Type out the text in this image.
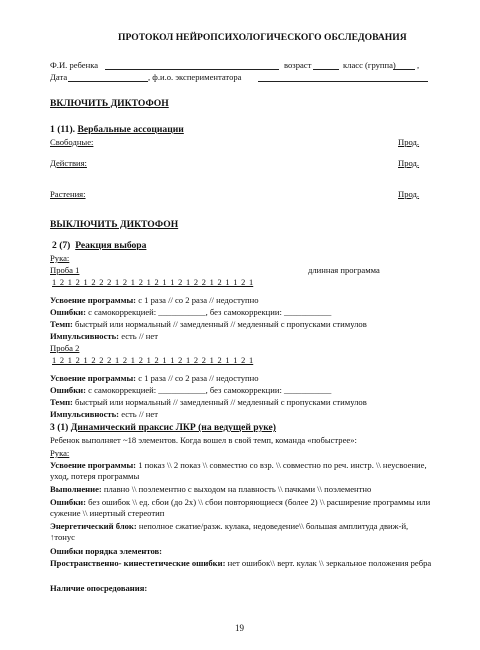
ПРОТОКОЛ НЕЙРОПСИХОЛОГИЧЕСКОГО ОБСЛЕДОВАНИЯ
Ф.И. ребенка	возраст	класс (группа) ,
Дата	, ф.и.о. экспериментатора
ВКЛЮЧИТЬ ДИКТОФОН
1 (11). Вербальные ассоциации
Свободные:	Прод.
Действия:	Прод.
Растения:	Прод.
ВЫКЛЮЧИТЬ ДИКТОФОН
2 (7) Реакция выбора
Рука:
Проба 1	длинная программа
1 2 1 2 1 2 2 2 1 2 1 2 1 2 1 1 2 1 2 2 1 2 1 1 2 1
Усвоение программы: с 1 раза // со 2 раза // недоступно
Ошибки: с самокоррекцией: ___________, без самокоррекции: ___________
Темп: быстрый или нормальный // замедленный // медленный с пропусками стимулов
Импульсивность: есть // нет
Проба 2
1 2 1 2 1 2 2 2 1 2 1 2 1 2 1 1 2 1 2 2 1 2 1 1 2 1
Усвоение программы: с 1 раза // со 2 раза // недоступно
Ошибки: с самокоррекцией: ___________, без самокоррекции: ___________
Темп: быстрый или нормальный // замедленный // медленный с пропусками стимулов
Импульсивность: есть // нет
3 (1) Динамический праксис ЛКР (на ведущей руке)
Ребенок выполняет ~18 элементов. Когда вошел в свой темп, команда «побыстрее»:
Рука:
Усвоение программы: 1 показ \\ 2 показ \\ совместно со взр. \\ совместно по реч. инстр. \\ неусвоение, уход, потеря программы
Выполнение: плавно \\ поэлементно с выходом на плавность \\ пачками \\ поэлементно
Ошибки: без ошибок \\ ед. сбои (до 2х) \\ сбои повторяющиеся (более 2) \\ расширение программы или сужение \\ инертный стереотип
Энергетический блок: неполное сжатие/разж. кулака, недоведение\\ большая амплитуда движ-й, ↑тонус
Ошибки порядка элементов:
Пространственно- кинестетические ошибки: нет ошибок\\ верт. кулак \\ зеркальное положения ребра
Наличие опосредования:
19
